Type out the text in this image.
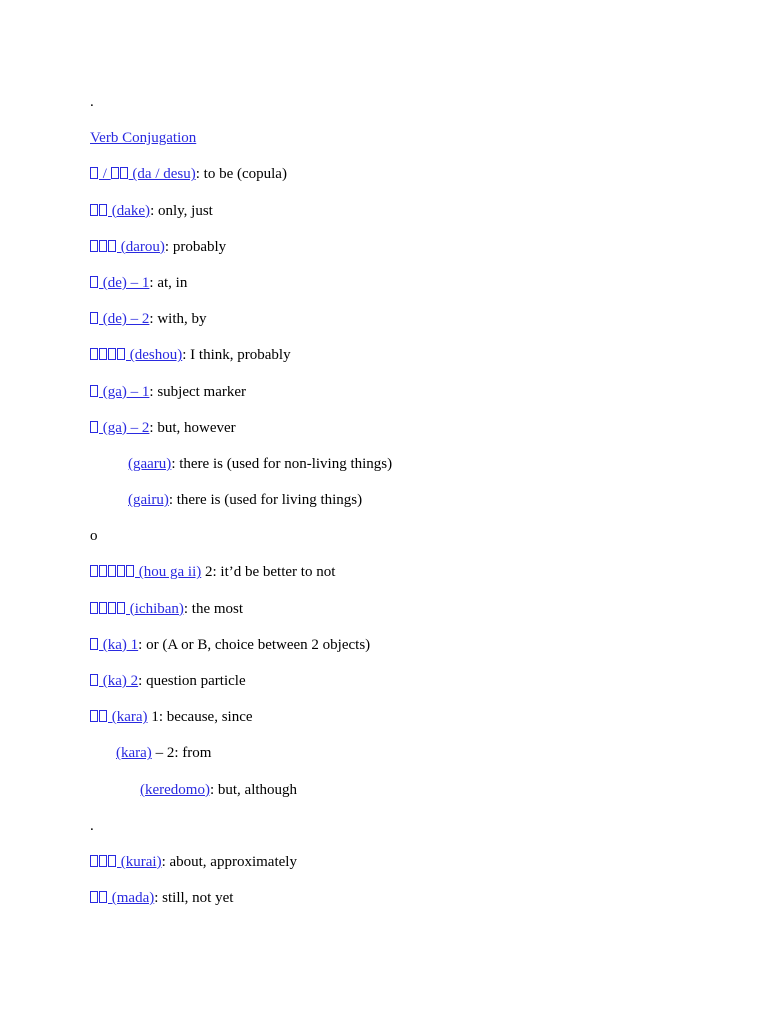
.
Verb Conjugation
/  (da / desu): to be (copula)
(dake): only, just
(darou): probably
(de) – 1: at, in
(de) – 2: with, by
(deshou): I think, probably
(ga) – 1: subject marker
(ga) – 2: but, however
(gaaru): there is (used for non-living things)
(gairu): there is (used for living things)
o
(hou ga ii) 2: it’d be better to not
(ichiban): the most
(ka) 1: or (A or B, choice between 2 objects)
(ka) 2: question particle
(kara) 1: because, since
(kara) – 2: from
(keredomo): but, although
.
(kurai): about, approximately
(mada): still, not yet
